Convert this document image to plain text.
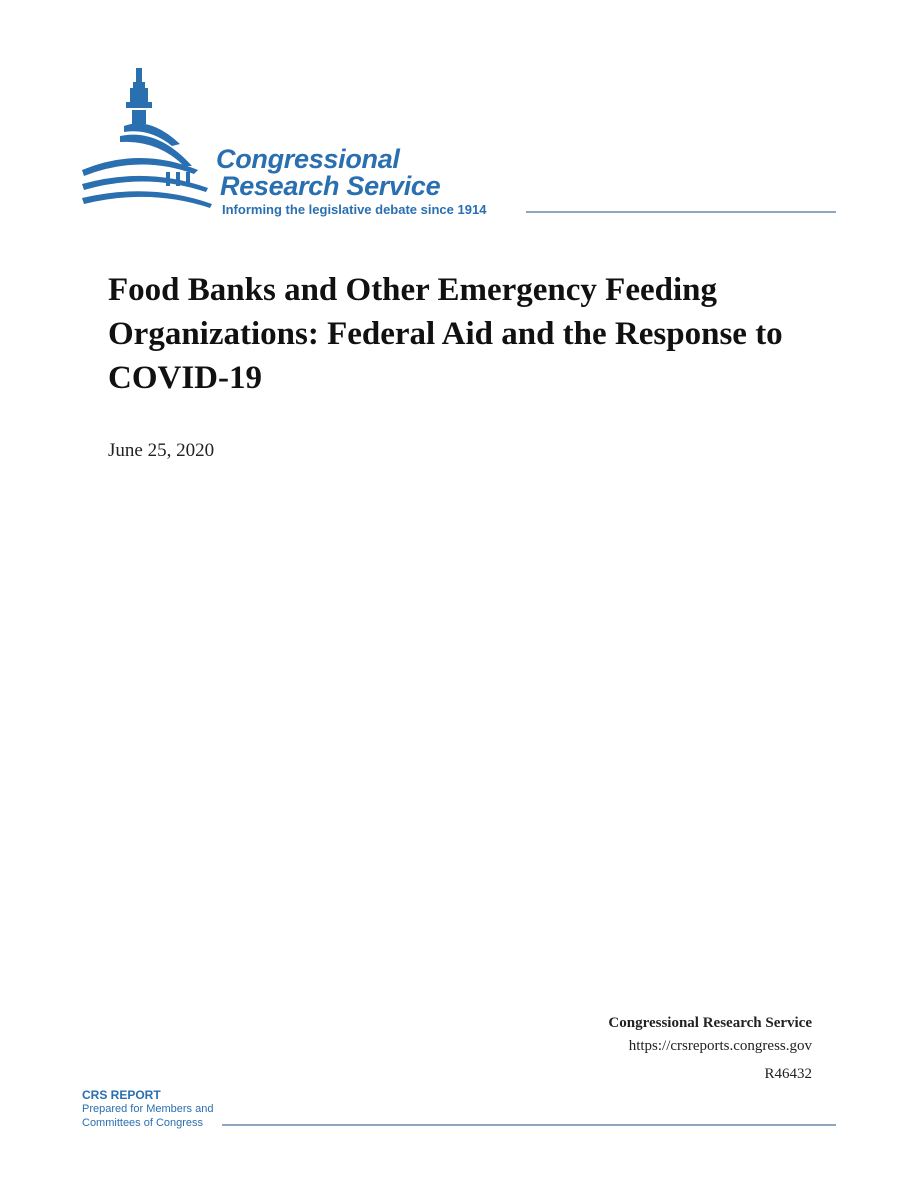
Congressional
Research Service
Informing the legislative debate since 1914
Food Banks and Other Emergency Feeding Organizations: Federal Aid and the Response to COVID-19
June 25, 2020
Congressional Research Service
https://crsreports.congress.gov
R46432
CRS REPORT
Prepared for Members and
Committees of Congress
